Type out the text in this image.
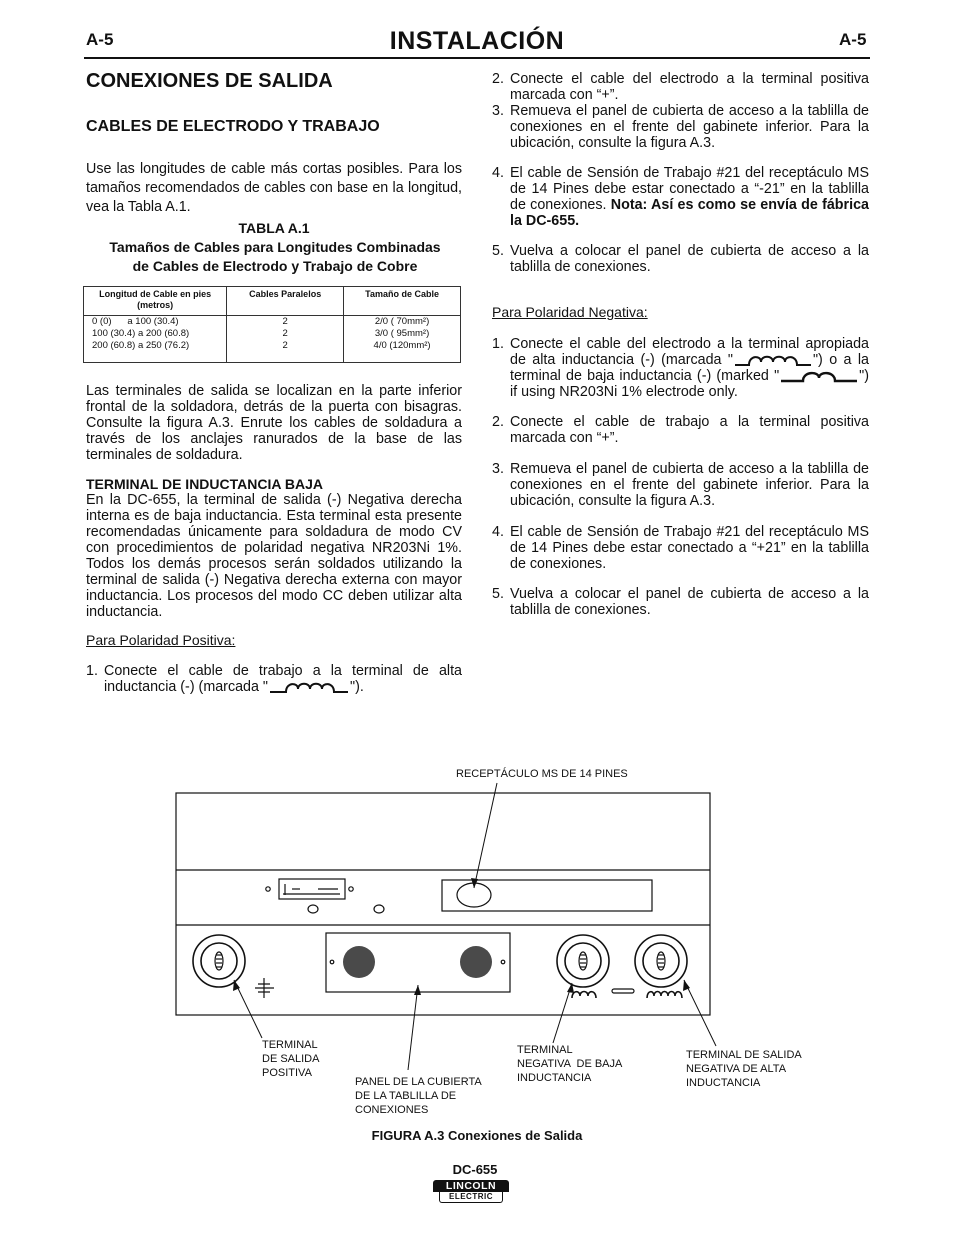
A-5	INSTALACIÓN	A-5
CONEXIONES DE SALIDA
CABLES DE ELECTRODO Y TRABAJO

Use las longitudes de cable más cortas posibles. Para los tamaños recomendados de cables con base en la longitud, vea la Tabla A.1.

TABLA A.1
Tamaños de Cables para Longitudes Combinadas
de Cables de Electrodo y Trabajo de Cobre
Longitud de Cable en pies (metros)	Cables Paralelos	Tamaño de Cable
0 (0)      a 100 (30.4)	2	2/0 ( 70mm²)
100 (30.4) a 200 (60.8)	2	3/0 ( 95mm²)
200 (60.8) a 250 (76.2)	2	4/0 (120mm²)

Las terminales de salida se localizan en la parte inferior frontal de la soldadora, detrás de la puerta con bisagras. Consulte la figura A.3. Enrute los cables de soldadura a través de los anclajes ranurados de la base de las terminales de soldadura.

TERMINAL DE INDUCTANCIA BAJA

En la DC-655, la terminal de salida (-) Negativa derecha interna es de baja inductancia. Esta terminal esta presente recomendadas únicamente para soldadura de modo CV con procedimientos de polaridad negativa NR203Ni 1%. Todos los demás procesos serán soldados utilizando la terminal de salida (-) Negativa derecha externa con mayor inductancia. Los procesos del modo CC deben utilizar alta inductancia.

Para Polaridad Positiva:
1. Conecte el cable de trabajo a la terminal de alta inductancia (-) (marcada "	").
2. Conecte el cable del electrodo a la terminal positiva marcada con “+”.
3. Remueva el panel de cubierta de acceso a la tablilla de conexiones en el frente del gabinete inferior. Para la ubicación, consulte la figura A.3.
4. El cable de Sensión de Trabajo #21 del receptáculo MS de 14 Pines debe estar conectado a “-21” en la tablilla de conexiones. Nota: Así es como se envía de fábrica la DC-655.
5. Vuelva a colocar el panel de cubierta de acceso a la tablilla de conexiones.
Para Polaridad Negativa:
1. Conecte el cable del electrodo a la terminal apropiada de alta inductancia (-) (marcada "	") o a la terminal de baja inductancia (-) (marked "	") if using NR203Ni 1% electrode only.
2. Conecte el cable de trabajo a la terminal positiva marcada con “+”.
3. Remueva el panel de cubierta de acceso a la tablilla de conexiones en el frente del gabinete inferior. Para la ubicación, consulte la figura A.3.
4. El cable de Sensión de Trabajo #21 del receptáculo MS de 14 Pines debe estar conectado a “+21” en la tablilla de conexiones.
5. Vuelva a colocar el panel de cubierta de acceso a la tablilla de conexiones.
RECEPTÁCULO MS DE 14 PINES
TERMINAL
DE SALIDA
POSITIVA
PANEL DE LA CUBIERTA
DE LA TABLILLA DE
CONEXIONES
TERMINAL
NEGATIVA  DE BAJA
INDUCTANCIA
TERMINAL DE SALIDA
NEGATIVA DE ALTA
INDUCTANCIA
FIGURA A.3 Conexiones de Salida
DC-655
LINCOLN
ELECTRIC
